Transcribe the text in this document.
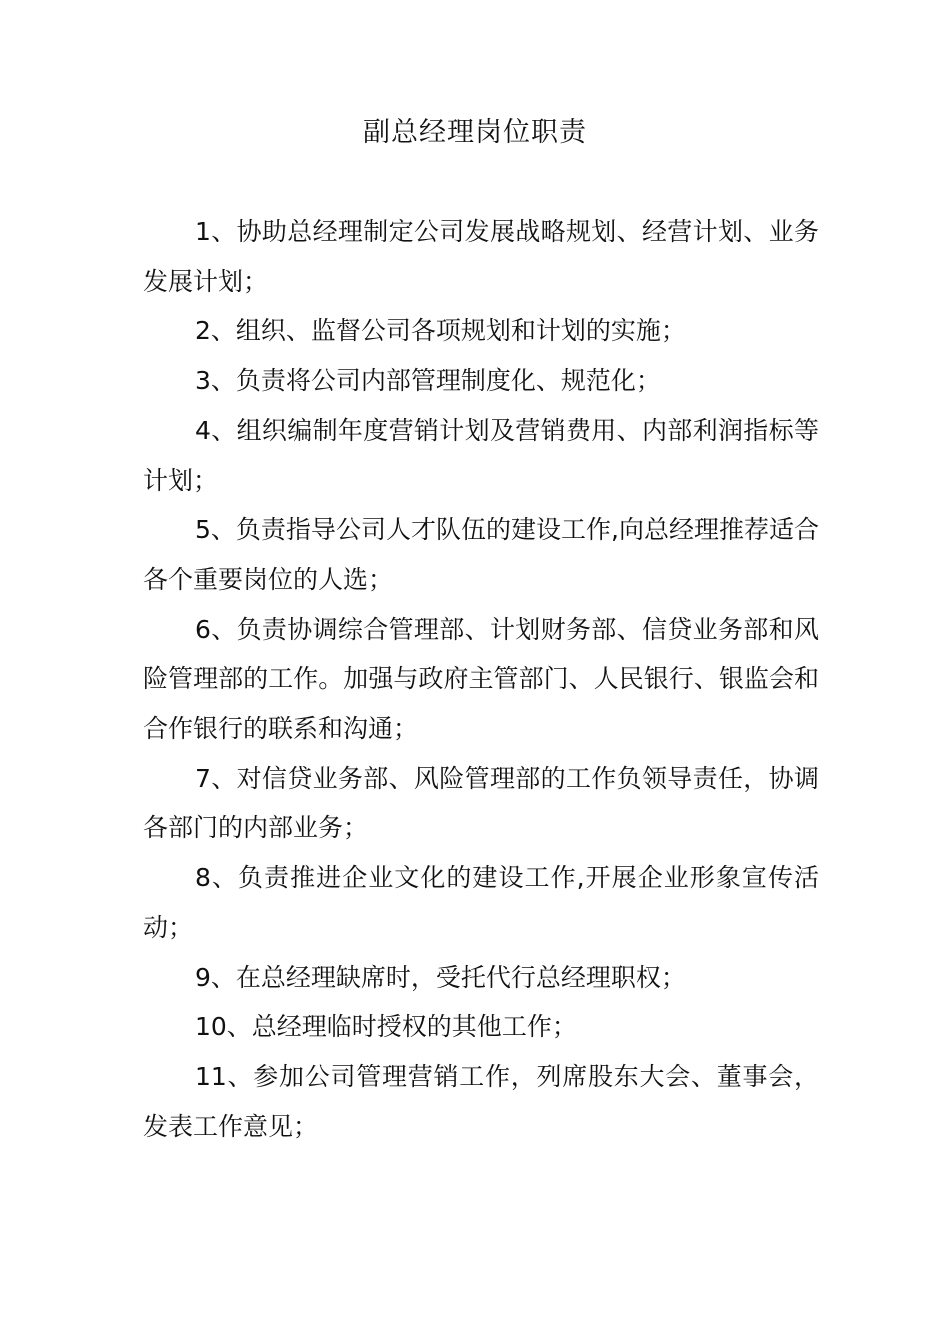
副总经理岗位职责

1、协助总经理制定公司发展战略规划、经营计划、业务发展计划；

2、组织、监督公司各项规划和计划的实施；

3、负责将公司内部管理制度化、规范化；

4、组织编制年度营销计划及营销费用、内部利润指标等计划；

5、负责指导公司人才队伍的建设工作,向总经理推荐适合各个重要岗位的人选；

6、负责协调综合管理部、计划财务部、信贷业务部和风险管理部的工作。加强与政府主管部门、人民银行、银监会和合作银行的联系和沟通；

7、对信贷业务部、风险管理部的工作负领导责任，协调各部门的内部业务；

8、负责推进企业文化的建设工作,开展企业形象宣传活动；

9、在总经理缺席时，受托代行总经理职权；

10、总经理临时授权的其他工作；

11、参加公司管理营销工作，列席股东大会、董事会，发表工作意见；
